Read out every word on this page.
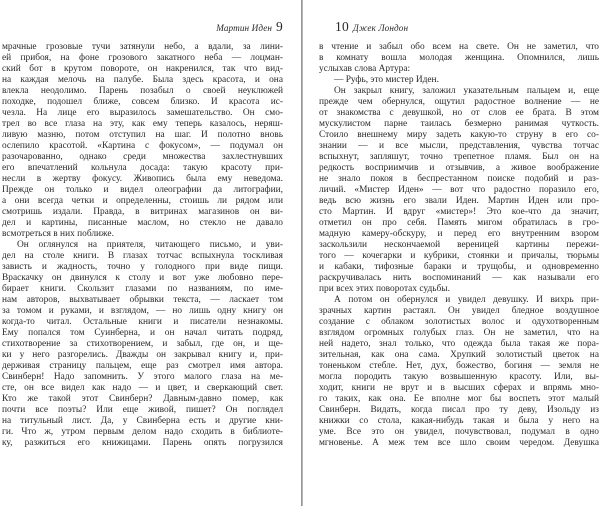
Мартин Иден 9
мрачные грозовые тучи затянули небо, а вдали, за лини-
ей прибоя, на фоне грозового закатного неба — лоцман-
ский бот в крутом повороте, он накренился, так что вид-
на каждая мелочь на палубе. Была здесь красота, и она
влекла неодолимо. Парень позабыл о своей неуклюжей
походке, подошел ближе, совсем близко. И красота ис-
чезла. На лице его выразилось замешательство. Он смо-
трел во все глаза на эту, как ему теперь казалось, неряш-
ливую мазню, потом отступил на шаг. И полотно вновь
ослепило красотой. «Картина с фокусом», — подумал он
разочарованно, однако среди множества захлестнувших
его впечатлений кольнула досада: такую красоту при-
несли в жертву фокусу. Живопись была ему неведома.
Прежде он только и видел олеографии да литографии,
а они всегда четки и определенны, стоишь ли рядом или
смотришь издали. Правда, в витринах магазинов он ви-
дел и картины, писанные маслом, но стекло не давало
всмотреться в них поближе.
Он оглянулся на приятеля, читающего письмо, и уви-
дел на столе книги. В глазах тотчас вспыхнула тоскливая
зависть и жадность, точно у голодного при виде пищи.
Враскачку он двинулся к столу и вот уже любовно пере-
бирает книги. Скользит глазами по названиям, по име-
нам авторов, выхватывает обрывки текста, — ласкает том
за томом и руками, и взглядом, — но лишь одну книгу он
когда-то читал. Остальные книги и писатели незнакомы.
Ему попался том Суинберна, и он начал читать подряд,
стихотворение за стихотворением, и забыл, где он, и ще-
ки у него разгорелись. Дважды он закрывал книгу и, при-
держивая страницу пальцем, еще раз смотрел имя автора.
Свинберн! Надо запомнить. У этого малого глаза на ме-
сте, он все видел как надо — и цвет, и сверкающий свет.
Кто же такой этот Свинберн? Давным-давно помер, как
почти все поэты? Или еще живой, пишет? Он поглядел
на титульный лист. Да, у Свинберна есть и другие кни-
ги. Что ж, утром первым делом надо сходить в библиоте-
ку, разжиться его книжицами. Парень опять погрузился
10 Джек Лондон
в чтение и забыл обо всем на свете. Он не заметил, что
в комнату вошла молодая женщина. Опомнился, лишь
услыхав слова Артура:
— Руфь, это мистер Иден.
Он закрыл книгу, заложил указательным пальцем и, еще
прежде чем обернулся, ощутил радостное волнение — не
от знакомства с девушкой, но от слов ее брата. В этом
мускулистом парне таилась безмерно ранимая чуткость.
Стоило внешнему миру задеть какую-то струну в его со-
знании — и все мысли, представления, чувства тотчас
вспыхнут, запляшут, точно трепетное пламя. Был он на
редкость восприимчив и отзывчив, а живое воображение
не знало покоя в беспрестанном поиске подобий и раз-
личий. «Мистер Иден» — вот что радостно поразило его,
ведь всю жизнь его звали Иден. Мартин Иден или про-
сто Мартин. И вдруг «мистер»! Это кое-что да значит,
отметил он про себя. Память мигом обратилась в гро-
мадную камеру-обскуру, и перед его внутренним взором
заскользили нескончаемой вереницей картины пережи-
того — кочегарки и кубрики, стоянки и причалы, тюрьмы
и кабаки, тифозные бараки и трущобы, и одновременно
раскручивалась нить воспоминаний — как называли его
при всех этих поворотах судьбы.
А потом он обернулся и увидел девушку. И вихрь при-
зрачных картин растаял. Он увидел бледное воздушное
создание с облаком золотистых волос и одухотворенным
взглядом огромных голубых глаз. Он не заметил, что на
ней надето, знал только, что одежда была такая же пора-
зительная, как она сама. Хрупкий золотистый цветок на
тоненьком стебле. Нет, дух, божество, богиня — земля не
могла породить такую возвышенную красоту. Или, вы-
ходит, книги не врут и в высших сферах и впрямь мно-
го таких, как она. Ее вполне мог бы воспеть этот малый
Свинберн. Видать, когда писал про ту деву, Изольду из
книжки со стола, какая-нибудь такая и была у него на
уме. Все это он увидел, почувствовал, подумал в одно
мгновенье. А меж тем все шло своим чередом. Девушка
